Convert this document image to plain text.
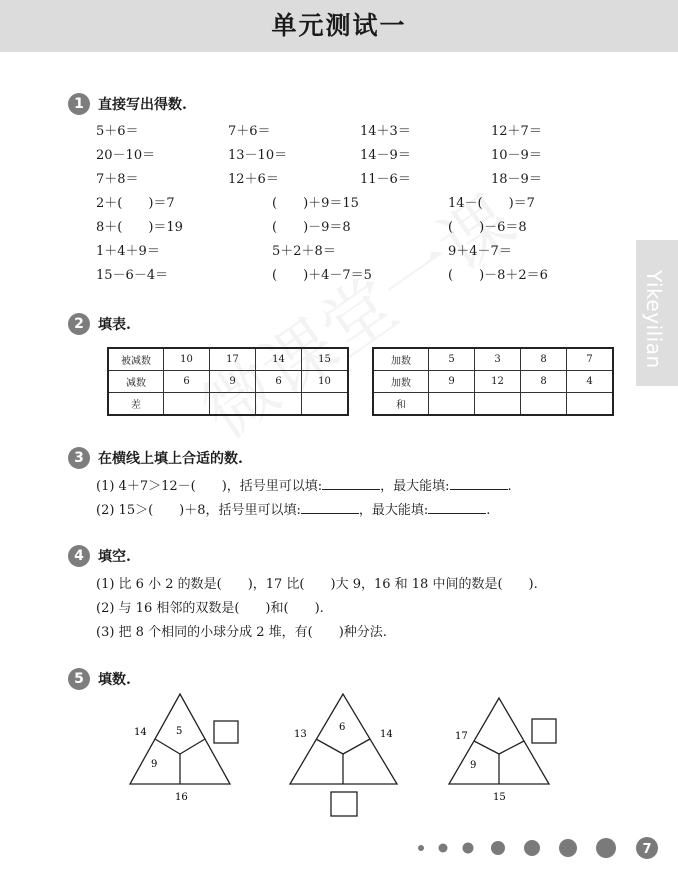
单元测试一
Yikeyilian
1	直接写出得数.
5＋6＝	7＋6＝	14＋3＝	12＋7＝
20－10＝	13－10＝	14－9＝	10－9＝
7＋8＝	12＋6＝	11－6＝	18－9＝
2＋(　　)＝7	(　　)＋9＝15	14－(　　)＝7
8＋(　　)＝19	(　　)－9＝8	(　　)－6＝8
1＋4＋9＝	5＋2＋8＝	9＋4－7＝
15－6－4＝	(　　)＋4－7＝5	(　　)－8＋2＝6
2	填表.
被减数	10	17	14	15
减数	6	9	6	10
差				
加数	5	3	8	7
加数	9	12	8	4
和				
3	在横线上填上合适的数.
(1) 4＋7＞12－(　　)，括号里可以填:	，最大能填:	.
(2) 15＞(　　)＋8，括号里可以填:	，最大能填:	.
4	填空.
(1) 比 6 小 2 的数是(　　)，17 比(　　)大 9，16 和 18 中间的数是(　　).
(2) 与 16 相邻的双数是(　　)和(　　).
(3) 把 8 个相同的小球分成 2 堆，有(　　)种分法.
5	填数.
14	5
9
16
13
6
14	17
9
15
7
